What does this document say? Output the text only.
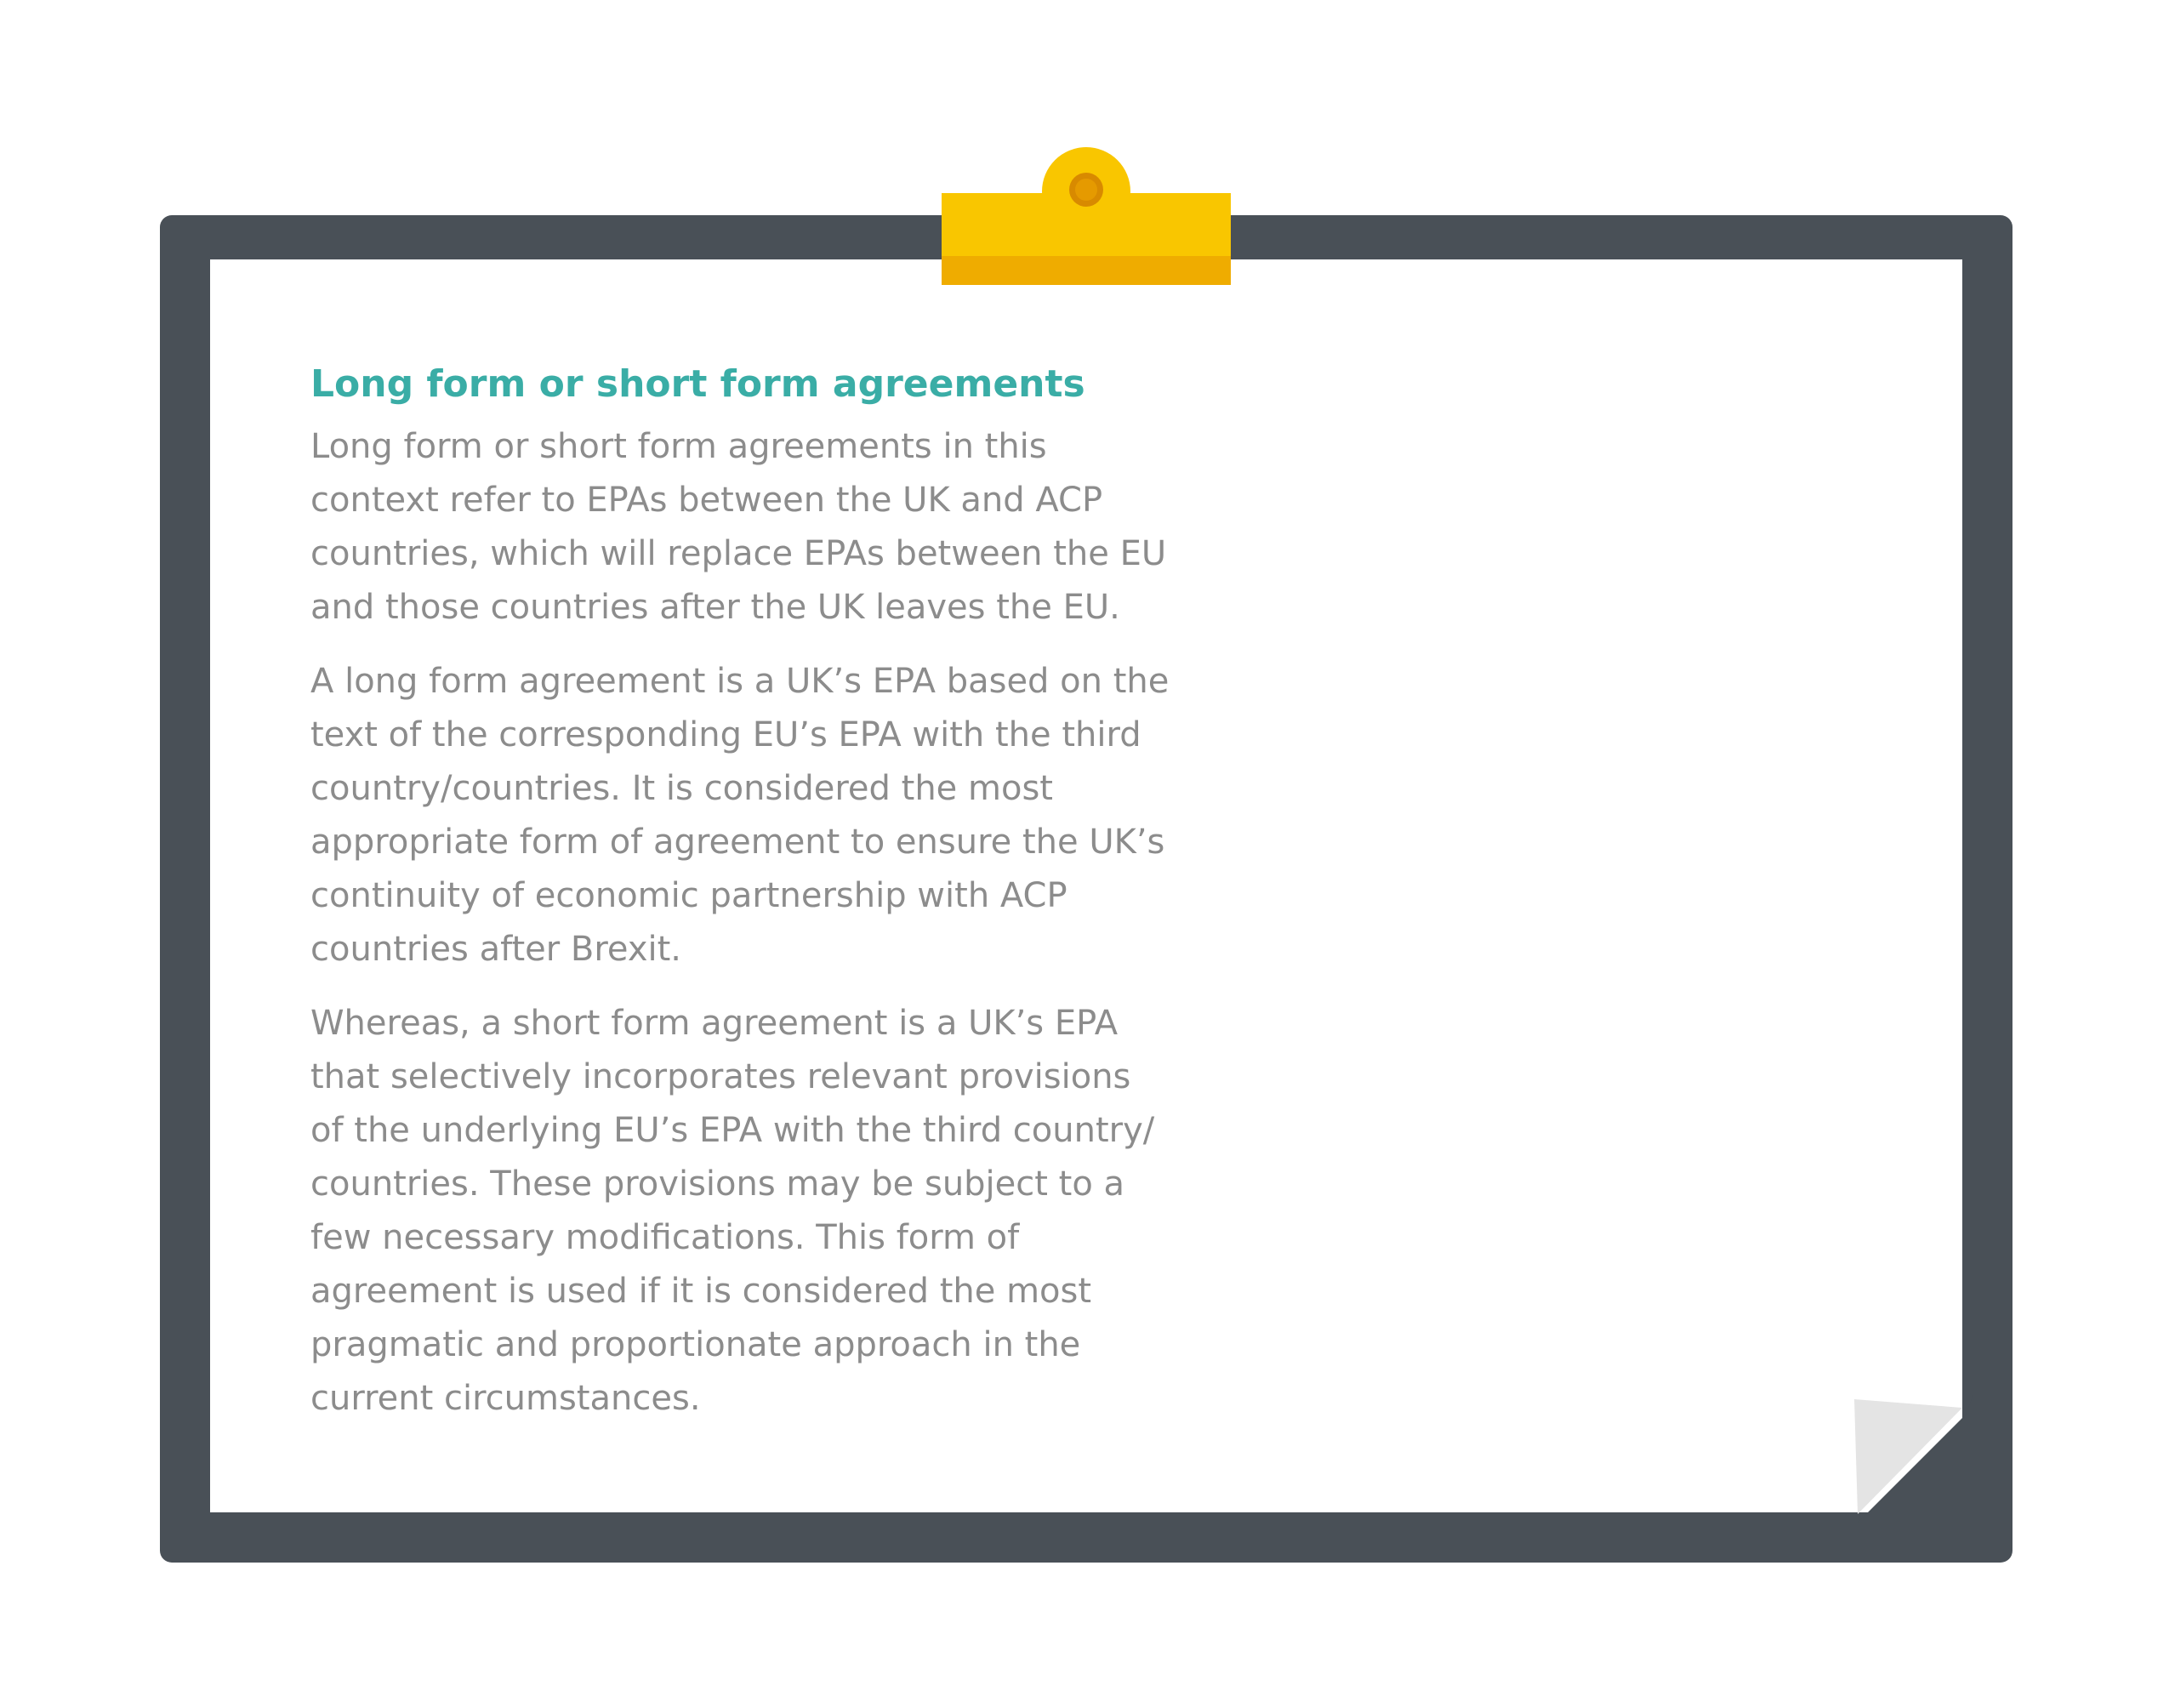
Long form or short form agreements

Long form or short form agreements in this context refer to EPAs between the UK and ACP countries, which will replace EPAs between the EU and those countries after the UK leaves the EU.

A long form agreement is a UK’s EPA based on the text of the corresponding EU’s EPA with the third country/countries. It is considered the most appropriate form of agreement to ensure the UK’s continuity of economic partnership with ACP countries after Brexit.

Whereas, a short form agreement is a UK’s EPA that selectively incorporates relevant provisions of the underlying EU’s EPA with the third country/ countries. These provisions may be subject to a few necessary modifications. This form of agreement is used if it is considered the most pragmatic and proportionate approach in the current circumstances.
